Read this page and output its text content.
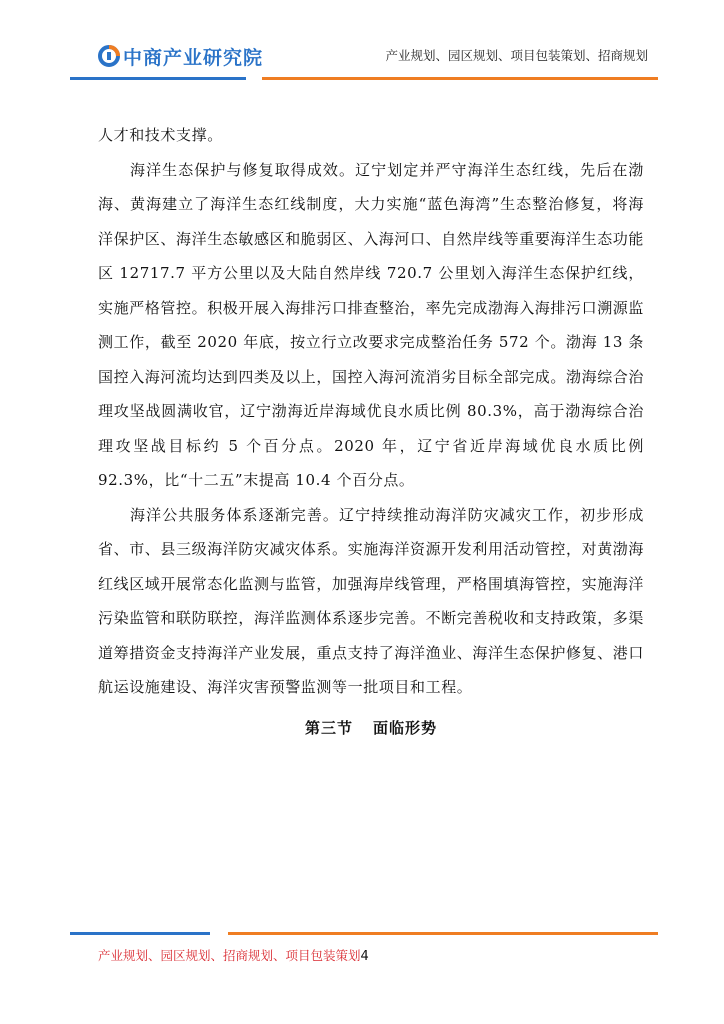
中商产业研究院	产业规划、园区规划、项目包装策划、招商规划

人才和技术支撑。

海洋生态保护与修复取得成效。辽宁划定并严守海洋生态红线，先后在渤海、黄海建立了海洋生态红线制度，大力实施“蓝色海湾”生态整治修复，将海洋保护区、海洋生态敏感区和脆弱区、入海河口、自然岸线等重要海洋生态功能区 12717.7 平方公里以及大陆自然岸线 720.7 公里划入海洋生态保护红线，实施严格管控。积极开展入海排污口排查整治，率先完成渤海入海排污口溯源监测工作，截至 2020 年底，按立行立改要求完成整治任务 572 个。渤海 13 条国控入海河流均达到四类及以上，国控入海河流消劣目标全部完成。渤海综合治理攻坚战圆满收官，辽宁渤海近岸海域优良水质比例 80.3%，高于渤海综合治理攻坚战目标约 5 个百分点。2020 年，辽宁省近岸海域优良水质比例 92.3%，比“十二五”末提高 10.4 个百分点。

海洋公共服务体系逐渐完善。辽宁持续推动海洋防灾减灾工作，初步形成省、市、县三级海洋防灾减灾体系。实施海洋资源开发利用活动管控，对黄渤海红线区域开展常态化监测与监管，加强海岸线管理，严格围填海管控，实施海洋污染监管和联防联控，海洋监测体系逐步完善。不断完善税收和支持政策，多渠道筹措资金支持海洋产业发展，重点支持了海洋渔业、海洋生态保护修复、港口航运设施建设、海洋灾害预警监测等一批项目和工程。

第三节 面临形势
产业规划、园区规划、招商规划、项目包装策划4
